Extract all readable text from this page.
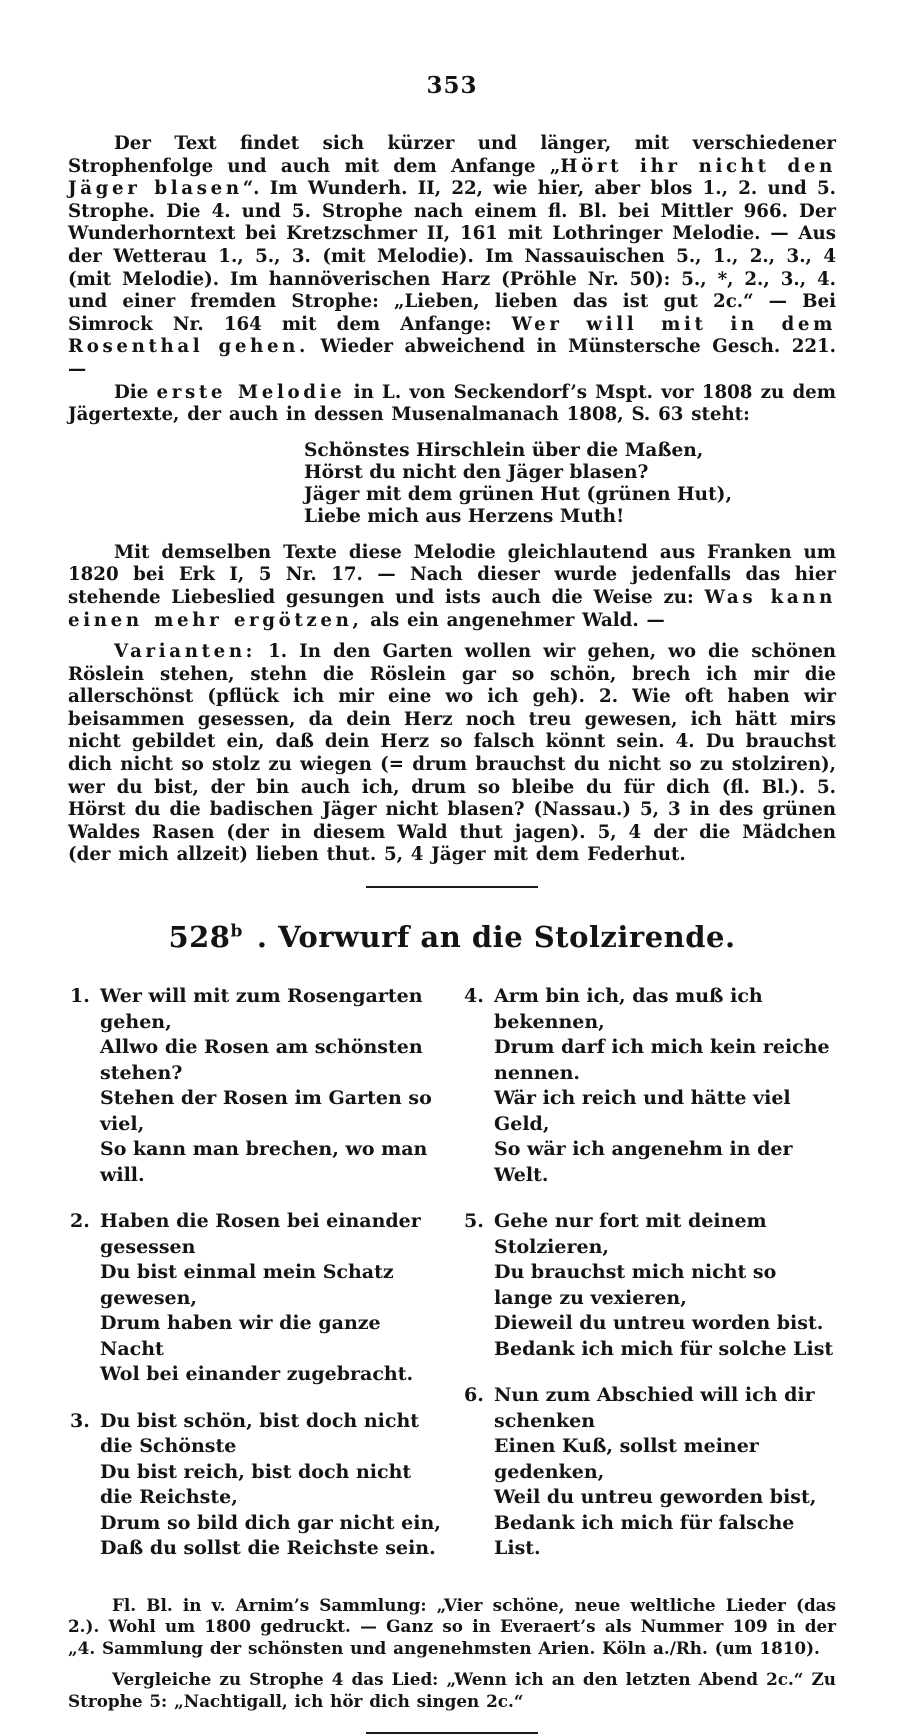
353

Der Text findet sich kürzer und länger, mit verschiedener Strophenfolge und auch mit dem Anfange „Hört ihr nicht den Jäger blasen“. Im Wunderh. II, 22, wie hier, aber blos 1., 2. und 5. Strophe. Die 4. und 5. Strophe nach einem fl. Bl. bei Mittler 966. Der Wunderhorntext bei Kretzschmer II, 161 mit Lothringer Melodie. — Aus der Wetterau 1., 5., 3. (mit Melodie). Im Nassauischen 5., 1., 2., 3., 4 (mit Melodie). Im hannöverischen Harz (Pröhle Nr. 50): 5., *, 2., 3., 4. und einer fremden Strophe: „Lieben, lieben das ist gut 2c.“ — Bei Simrock Nr. 164 mit dem Anfange: Wer will mit in dem Rosenthal gehen. Wieder abweichend in Münstersche Gesch. 221. —

Die erste Melodie in L. von Seckendorf’s Mspt. vor 1808 zu dem Jägertexte, der auch in dessen Musenalmanach 1808, S. 63 steht:

Schönstes Hirschlein über die Maßen,
Hörst du nicht den Jäger blasen?
Jäger mit dem grünen Hut (grünen Hut),
Liebe mich aus Herzens Muth!

Mit demselben Texte diese Melodie gleichlautend aus Franken um 1820 bei Erk I, 5 Nr. 17. — Nach dieser wurde jedenfalls das hier stehende Liebeslied gesungen und ists auch die Weise zu: Was kann einen mehr ergötzen, als ein angenehmer Wald. —

Varianten: 1. In den Garten wollen wir gehen, wo die schönen Röslein stehen, stehn die Röslein gar so schön, brech ich mir die allerschönst (pflück ich mir eine wo ich geh). 2. Wie oft haben wir beisammen gesessen, da dein Herz noch treu gewesen, ich hätt mirs nicht gebildet ein, daß dein Herz so falsch könnt sein. 4. Du brauchst dich nicht so stolz zu wiegen (= drum brauchst du nicht so zu stolziren), wer du bist, der bin auch ich, drum so bleibe du für dich (fl. Bl.). 5. Hörst du die badischen Jäger nicht blasen? (Nassau.) 5, 3 in des grünen Waldes Rasen (der in diesem Wald thut jagen). 5, 4 der die Mädchen (der mich allzeit) lieben thut. 5, 4 Jäger mit dem Federhut.

528$^b$ . Vorwurf an die Stolzirende.
1. Wer will mit zum Rosengarten gehen,
Allwo die Rosen am schönsten stehen?
Stehen der Rosen im Garten so viel,
So kann man brechen, wo man will.
2. Haben die Rosen bei einander gesessen
Du bist einmal mein Schatz gewesen,
Drum haben wir die ganze Nacht
Wol bei einander zugebracht.
3. Du bist schön, bist doch nicht die Schönste
Du bist reich, bist doch nicht die Reichste,
Drum so bild dich gar nicht ein,
Daß du sollst die Reichste sein.
4. Arm bin ich, das muß ich bekennen,
Drum darf ich mich kein reiche nennen.
Wär ich reich und hätte viel Geld,
So wär ich angenehm in der Welt.
5. Gehe nur fort mit deinem Stolzieren,
Du brauchst mich nicht so lange zu vexieren,
Dieweil du untreu worden bist.
Bedank ich mich für solche List
6. Nun zum Abschied will ich dir schenken
Einen Kuß, sollst meiner gedenken,
Weil du untreu geworden bist,
Bedank ich mich für falsche List.

Fl. Bl. in v. Arnim’s Sammlung: „Vier schöne, neue weltliche Lieder (das 2.). Wohl um 1800 gedruckt. — Ganz so in Everaert’s als Nummer 109 in der „4. Sammlung der schönsten und angenehmsten Arien. Köln a./Rh. (um 1810).

Vergleiche zu Strophe 4 das Lied: „Wenn ich an den letzten Abend 2c.“ Zu Strophe 5: „Nachtigall, ich hör dich singen 2c.“
